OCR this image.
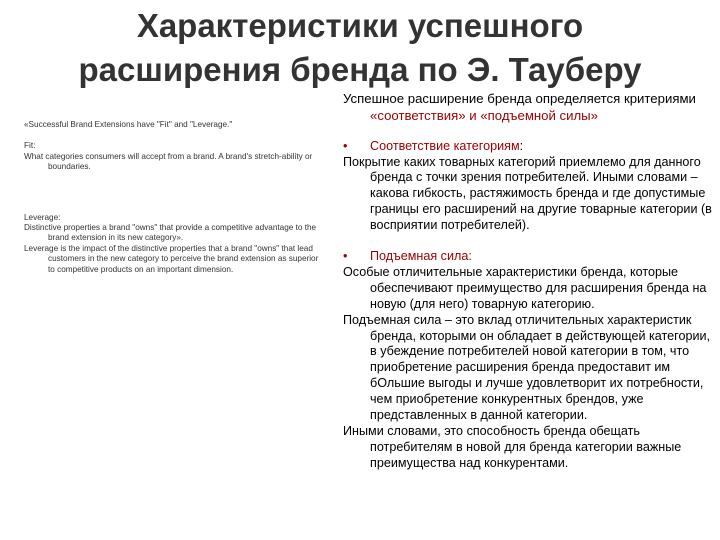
Характеристики успешного
расширения бренда по Э. Тауберу

«Successful Brand Extensions have "Fit" and "Leverage."

Fit:

What categories consumers will accept from a brand. A brand's stretch-ability or boundaries.

Leverage:

Distinctive properties a brand "owns" that provide a competitive advantage to the brand extension in its new category».

Leverage is the impact of the distinctive properties that a brand "owns" that lead customers in the new category to perceive the brand extension as superior to competitive products on an important dimension.

Успешное расширение бренда определяется критериями
«соответствия» и «подъемной силы»

•	Соответствие категориям:

Покрытие каких товарных категорий приемлемо для данного бренда с точки зрения потребителей. Иными словами – какова гибкость, растяжимость бренда и где допустимые границы его расширений на другие товарные категории (в восприятии потребителей).

•	Подъемная сила:

Особые отличительные характеристики бренда, которые обеспечивают преимущество для расширения бренда на новую (для него) товарную категорию.

Подъемная сила – это вклад отличительных характеристик бренда, которыми он обладает в действующей категории, в убеждение потребителей новой категории в том, что приобретение расширения бренда предоставит им бОльшие выгоды и лучше удовлетворит их потребности, чем приобретение конкурентных брендов, уже представленных в данной категории.

Иными словами, это способность бренда обещать потребителям в новой для бренда категории важные преимущества над конкурентами.
